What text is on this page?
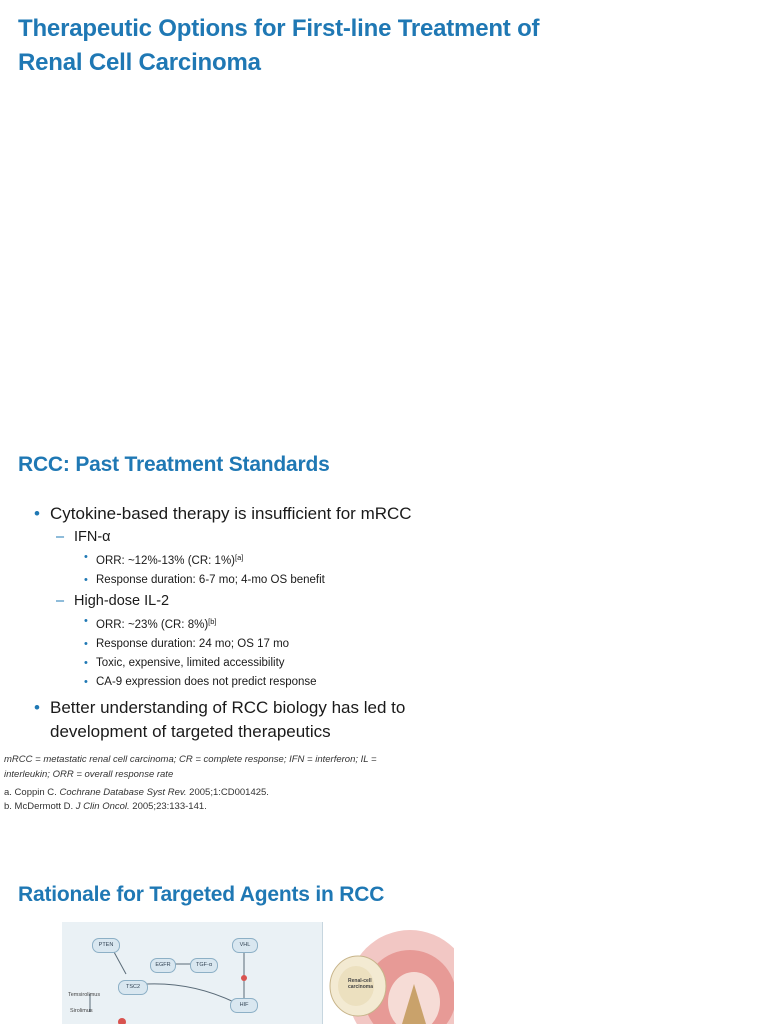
Therapeutic Options for First-line Treatment of Renal Cell Carcinoma
RCC: Past Treatment Standards

• Cytokine-based therapy is insufficient for mRCC

– IFN-α

• ORR: ~12%-13% (CR: 1%)[a]

• Response duration: 6-7 mo; 4-mo OS benefit

– High-dose IL-2

• ORR: ~23% (CR: 8%)[b]

• Response duration: 24 mo; OS 17 mo

• Toxic, expensive, limited accessibility

• CA-9 expression does not predict response

• Better understanding of RCC biology has led to development of targeted therapeutics

mRCC = metastatic renal cell carcinoma; CR = complete response; IFN = interferon; IL = interleukin; ORR = overall response rate

a. Coppin C. Cochrane Database Syst Rev. 2005;1:CD001425.

b. McDermott D. J Clin Oncol. 2005;23:133-141.

Rationale for Targeted Agents in RCC
PTEN
EGFR	TGF-α
VHL
TSC2
HIF
Temsirolimus
Sirolimus
Renal-cell carcinoma
